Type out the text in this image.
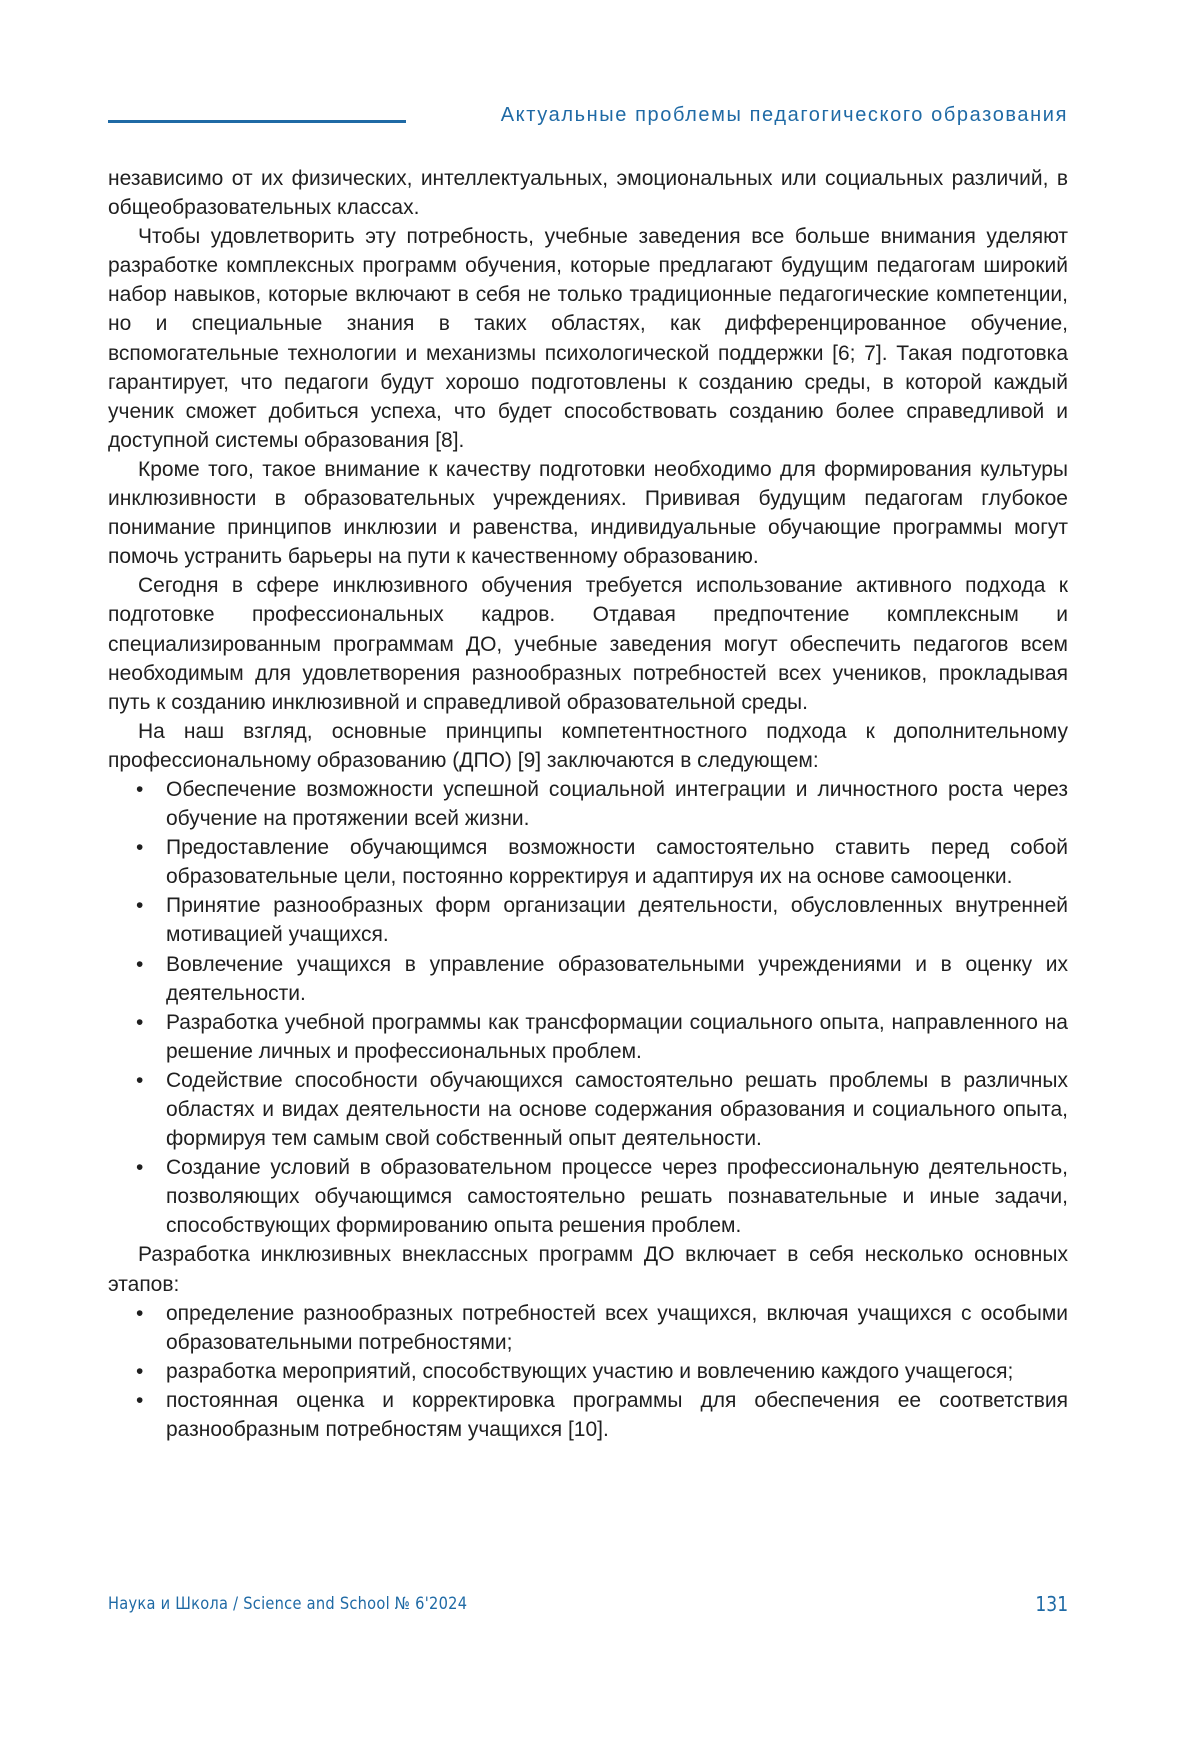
Актуальные проблемы педагогического образования

независимо от их физических, интеллектуальных, эмоциональных или социальных различий, в общеобразовательных классах.

Чтобы удовлетворить эту потребность, учебные заведения все больше внимания уделяют разработке комплексных программ обучения, которые предлагают будущим педагогам широкий набор навыков, которые включают в себя не только традиционные педагогические компетенции, но и специальные знания в таких областях, как дифференцированное обучение, вспомогательные технологии и механизмы психологической поддержки [6; 7]. Такая подготовка гарантирует, что педагоги будут хорошо подготовлены к созданию среды, в которой каждый ученик сможет добиться успеха, что будет способствовать созданию более справедливой и доступной системы образования [8].

Кроме того, такое внимание к качеству подготовки необходимо для формирования культуры инклюзивности в образовательных учреждениях. Прививая будущим педагогам глубокое понимание принципов инклюзии и равенства, индивидуальные обучающие программы могут помочь устранить барьеры на пути к качественному образованию.

Сегодня в сфере инклюзивного обучения требуется использование активного подхода к подготовке профессиональных кадров. Отдавая предпочтение комплексным и специализированным программам ДО, учебные заведения могут обеспечить педагогов всем необходимым для удовлетворения разнообразных потребностей всех учеников, прокладывая путь к созданию инклюзивной и справедливой образовательной среды.

На наш взгляд, основные принципы компетентностного подхода к дополнительному профессиональному образованию (ДПО) [9] заключаются в следующем:

• Обеспечение возможности успешной социальной интеграции и личностного роста через обучение на протяжении всей жизни.
• Предоставление обучающимся возможности самостоятельно ставить перед собой образовательные цели, постоянно корректируя и адаптируя их на основе самооценки.
• Принятие разнообразных форм организации деятельности, обусловленных внутренней мотивацией учащихся.
• Вовлечение учащихся в управление образовательными учреждениями и в оценку их деятельности.
• Разработка учебной программы как трансформации социального опыта, направленного на решение личных и профессиональных проблем.
• Содействие способности обучающихся самостоятельно решать проблемы в различных областях и видах деятельности на основе содержания образования и социального опыта, формируя тем самым свой собственный опыт деятельности.
• Создание условий в образовательном процессе через профессиональную деятельность, позволяющих обучающимся самостоятельно решать познавательные и иные задачи, способствующих формированию опыта решения проблем.

Разработка инклюзивных внеклассных программ ДО включает в себя несколько основных этапов:

• определение разнообразных потребностей всех учащихся, включая учащихся с особыми образовательными потребностями;
• разработка мероприятий, способствующих участию и вовлечению каждого учащегося;
• постоянная оценка и корректировка программы для обеспечения ее соответствия разнообразным потребностям учащихся [10].
Наука и Школа / Science and School № 6'2024	131
